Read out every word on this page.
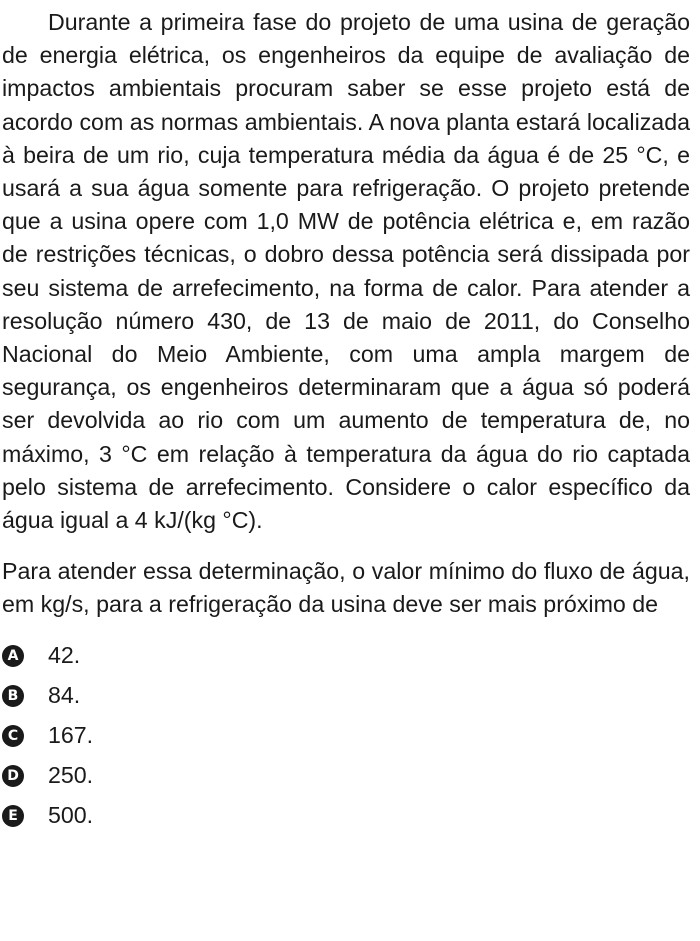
Durante a primeira fase do projeto de uma usina de geração de energia elétrica, os engenheiros da equipe de avaliação de impactos ambientais procuram saber se esse projeto está de acordo com as normas ambientais. A nova planta estará localizada à beira de um rio, cuja temperatura média da água é de 25 °C, e usará a sua água somente para refrigeração. O projeto pretende que a usina opere com 1,0 MW de potência elétrica e, em razão de restrições técnicas, o dobro dessa potência será dissipada por seu sistema de arrefecimento, na forma de calor. Para atender a resolução número 430, de 13 de maio de 2011, do Conselho Nacional do Meio Ambiente, com uma ampla margem de segurança, os engenheiros determinaram que a água só poderá ser devolvida ao rio com um aumento de temperatura de, no máximo, 3 °C em relação à temperatura da água do rio captada pelo sistema de arrefecimento. Considere o calor específico da água igual a 4 kJ/(kg °C).

Para atender essa determinação, o valor mínimo do fluxo de água, em kg/s, para a refrigeração da usina deve ser mais próximo de

A 42.
B 84.
C 167.
D 250.
E 500.
